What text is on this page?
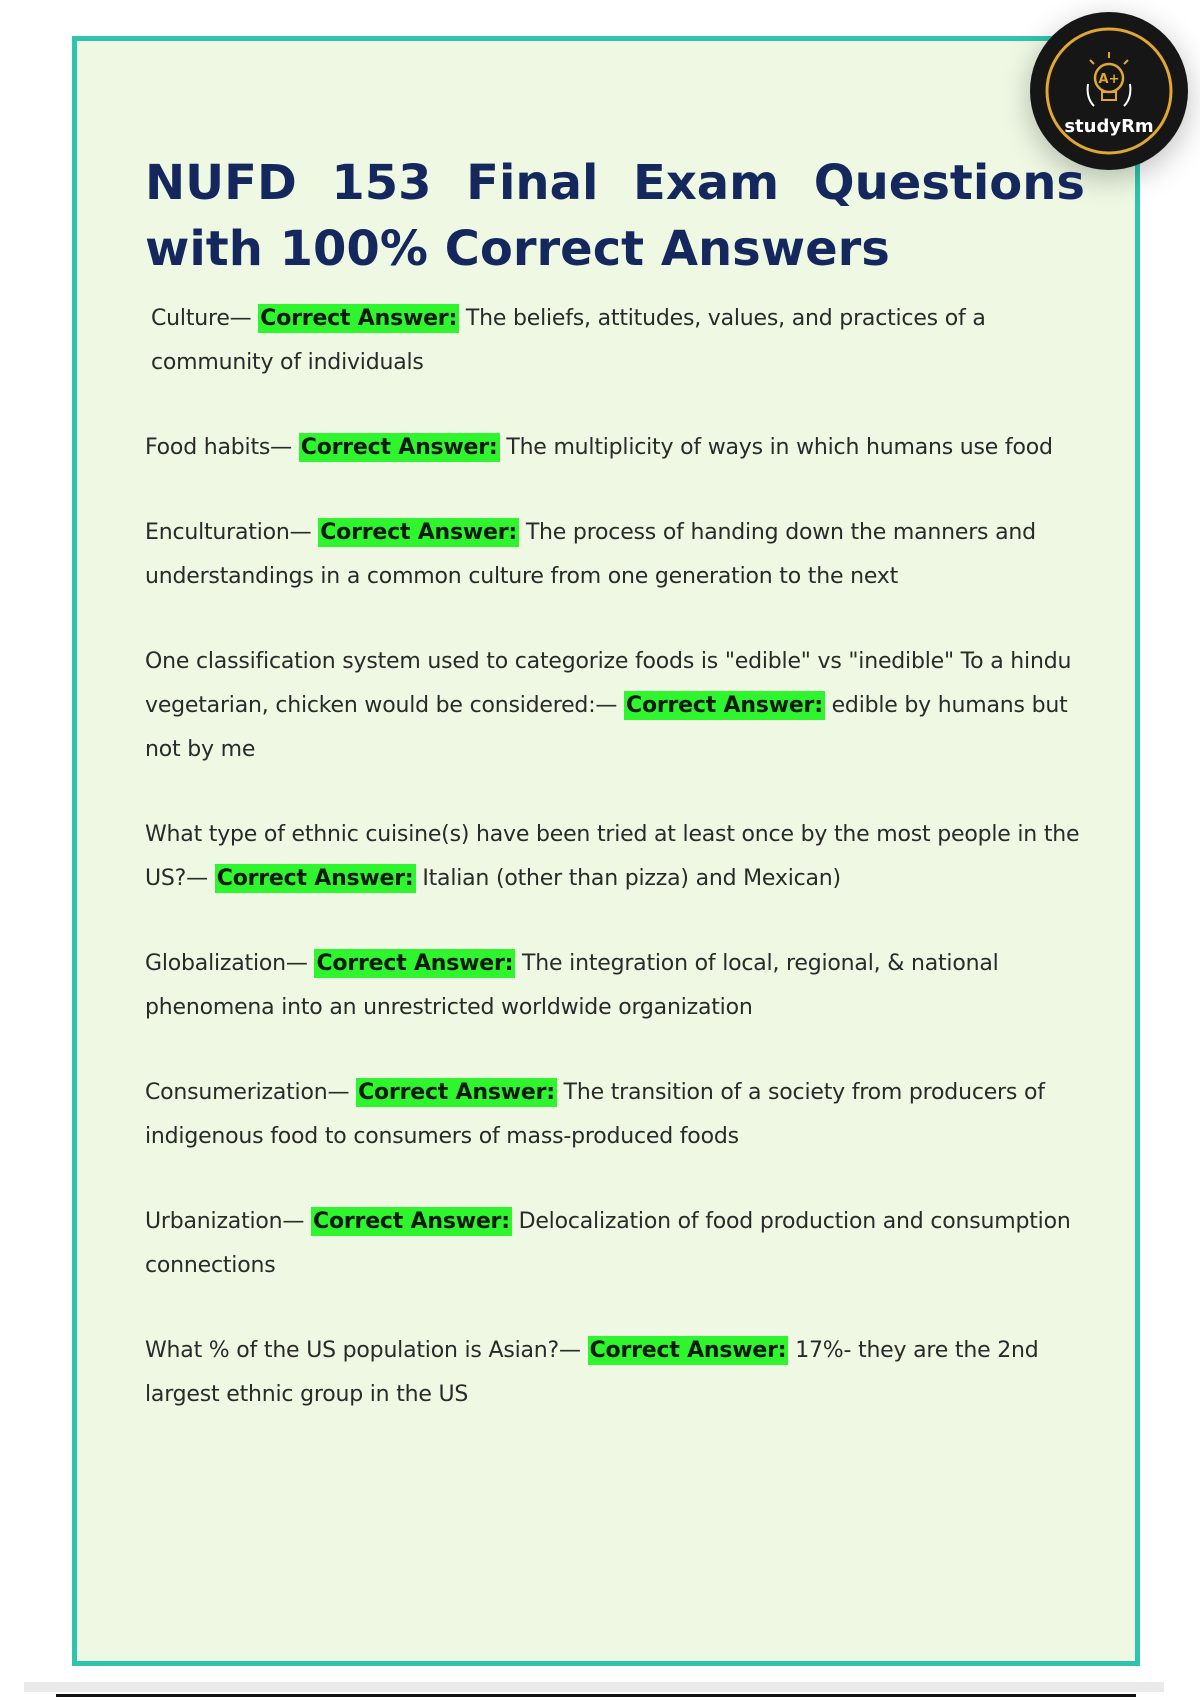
A+
studyRm
NUFD 153 Final Exam Questions with 100% Correct Answers

Culture— Correct Answer: The beliefs, attitudes, values, and practices of a community of individuals

Food habits— Correct Answer: The multiplicity of ways in which humans use food

Enculturation— Correct Answer: The process of handing down the manners and understandings in a common culture from one generation to the next

One classification system used to categorize foods is "edible" vs "inedible" To a hindu vegetarian, chicken would be considered:— Correct Answer: edible by humans but not by me

What type of ethnic cuisine(s) have been tried at least once by the most people in the US?— Correct Answer: Italian (other than pizza) and Mexican)

Globalization— Correct Answer: The integration of local, regional, & national phenomena into an unrestricted worldwide organization

Consumerization— Correct Answer: The transition of a society from producers of indigenous food to consumers of mass-produced foods

Urbanization— Correct Answer: Delocalization of food production and consumption connections

What % of the US population is Asian?— Correct Answer: 17%- they are the 2nd largest ethnic group in the US
